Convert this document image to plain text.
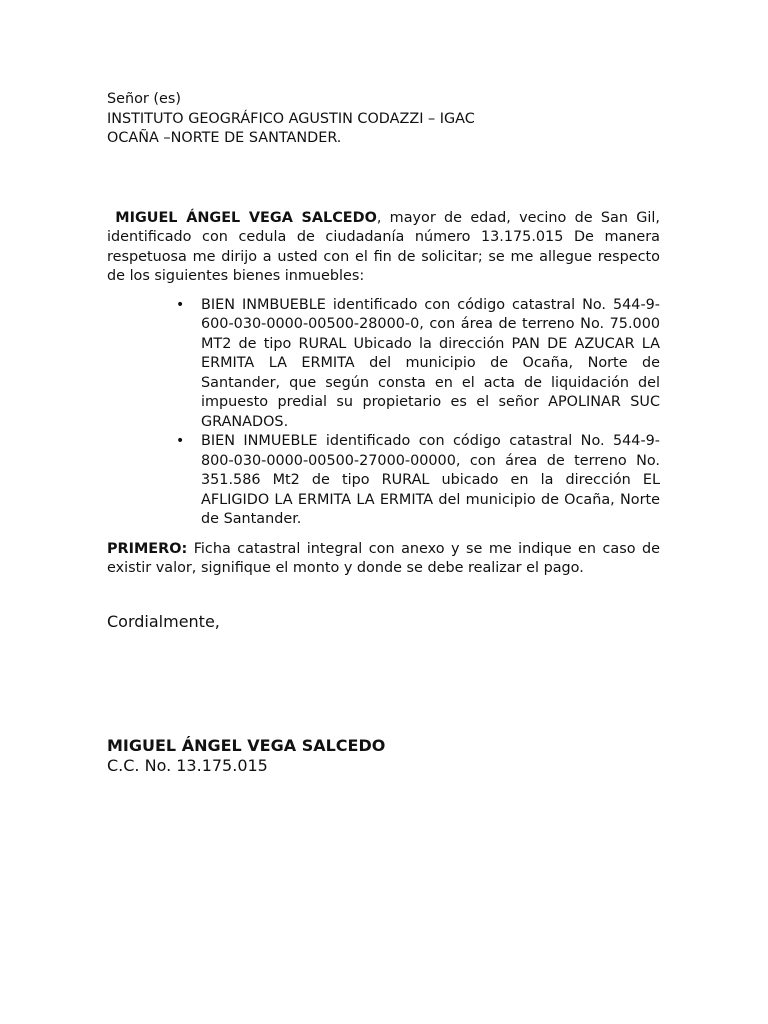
Señor (es)
INSTITUTO GEOGRÁFICO AGUSTIN CODAZZI – IGAC
OCAÑA –NORTE DE SANTANDER.
MIGUEL ÁNGEL VEGA SALCEDO, mayor de edad, vecino de San Gil, identificado con cedula de ciudadanía número 13.175.015 De manera respetuosa me dirijo a usted con el fin de solicitar; se me allegue respecto de los siguientes bienes inmuebles:
• BIEN INMBUEBLE identificado con código catastral No. 544-9-600-030-0000-00500-28000-0, con área de terreno No. 75.000 MT2 de tipo RURAL Ubicado la dirección PAN DE AZUCAR LA ERMITA LA ERMITA del municipio de Ocaña, Norte de Santander, que según consta en el acta de liquidación del impuesto predial su propietario es el señor APOLINAR SUC GRANADOS.
• BIEN INMUEBLE identificado con código catastral No. 544-9-800-030-0000-00500-27000-00000, con área de terreno No. 351.586 Mt2 de tipo RURAL ubicado en la dirección EL AFLIGIDO LA ERMITA LA ERMITA del municipio de Ocaña, Norte de Santander.
PRIMERO: Ficha catastral integral con anexo y se me indique en caso de existir valor, signifique el monto y donde se debe realizar el pago.
Cordialmente,
MIGUEL ÁNGEL VEGA SALCEDO
C.C. No. 13.175.015
